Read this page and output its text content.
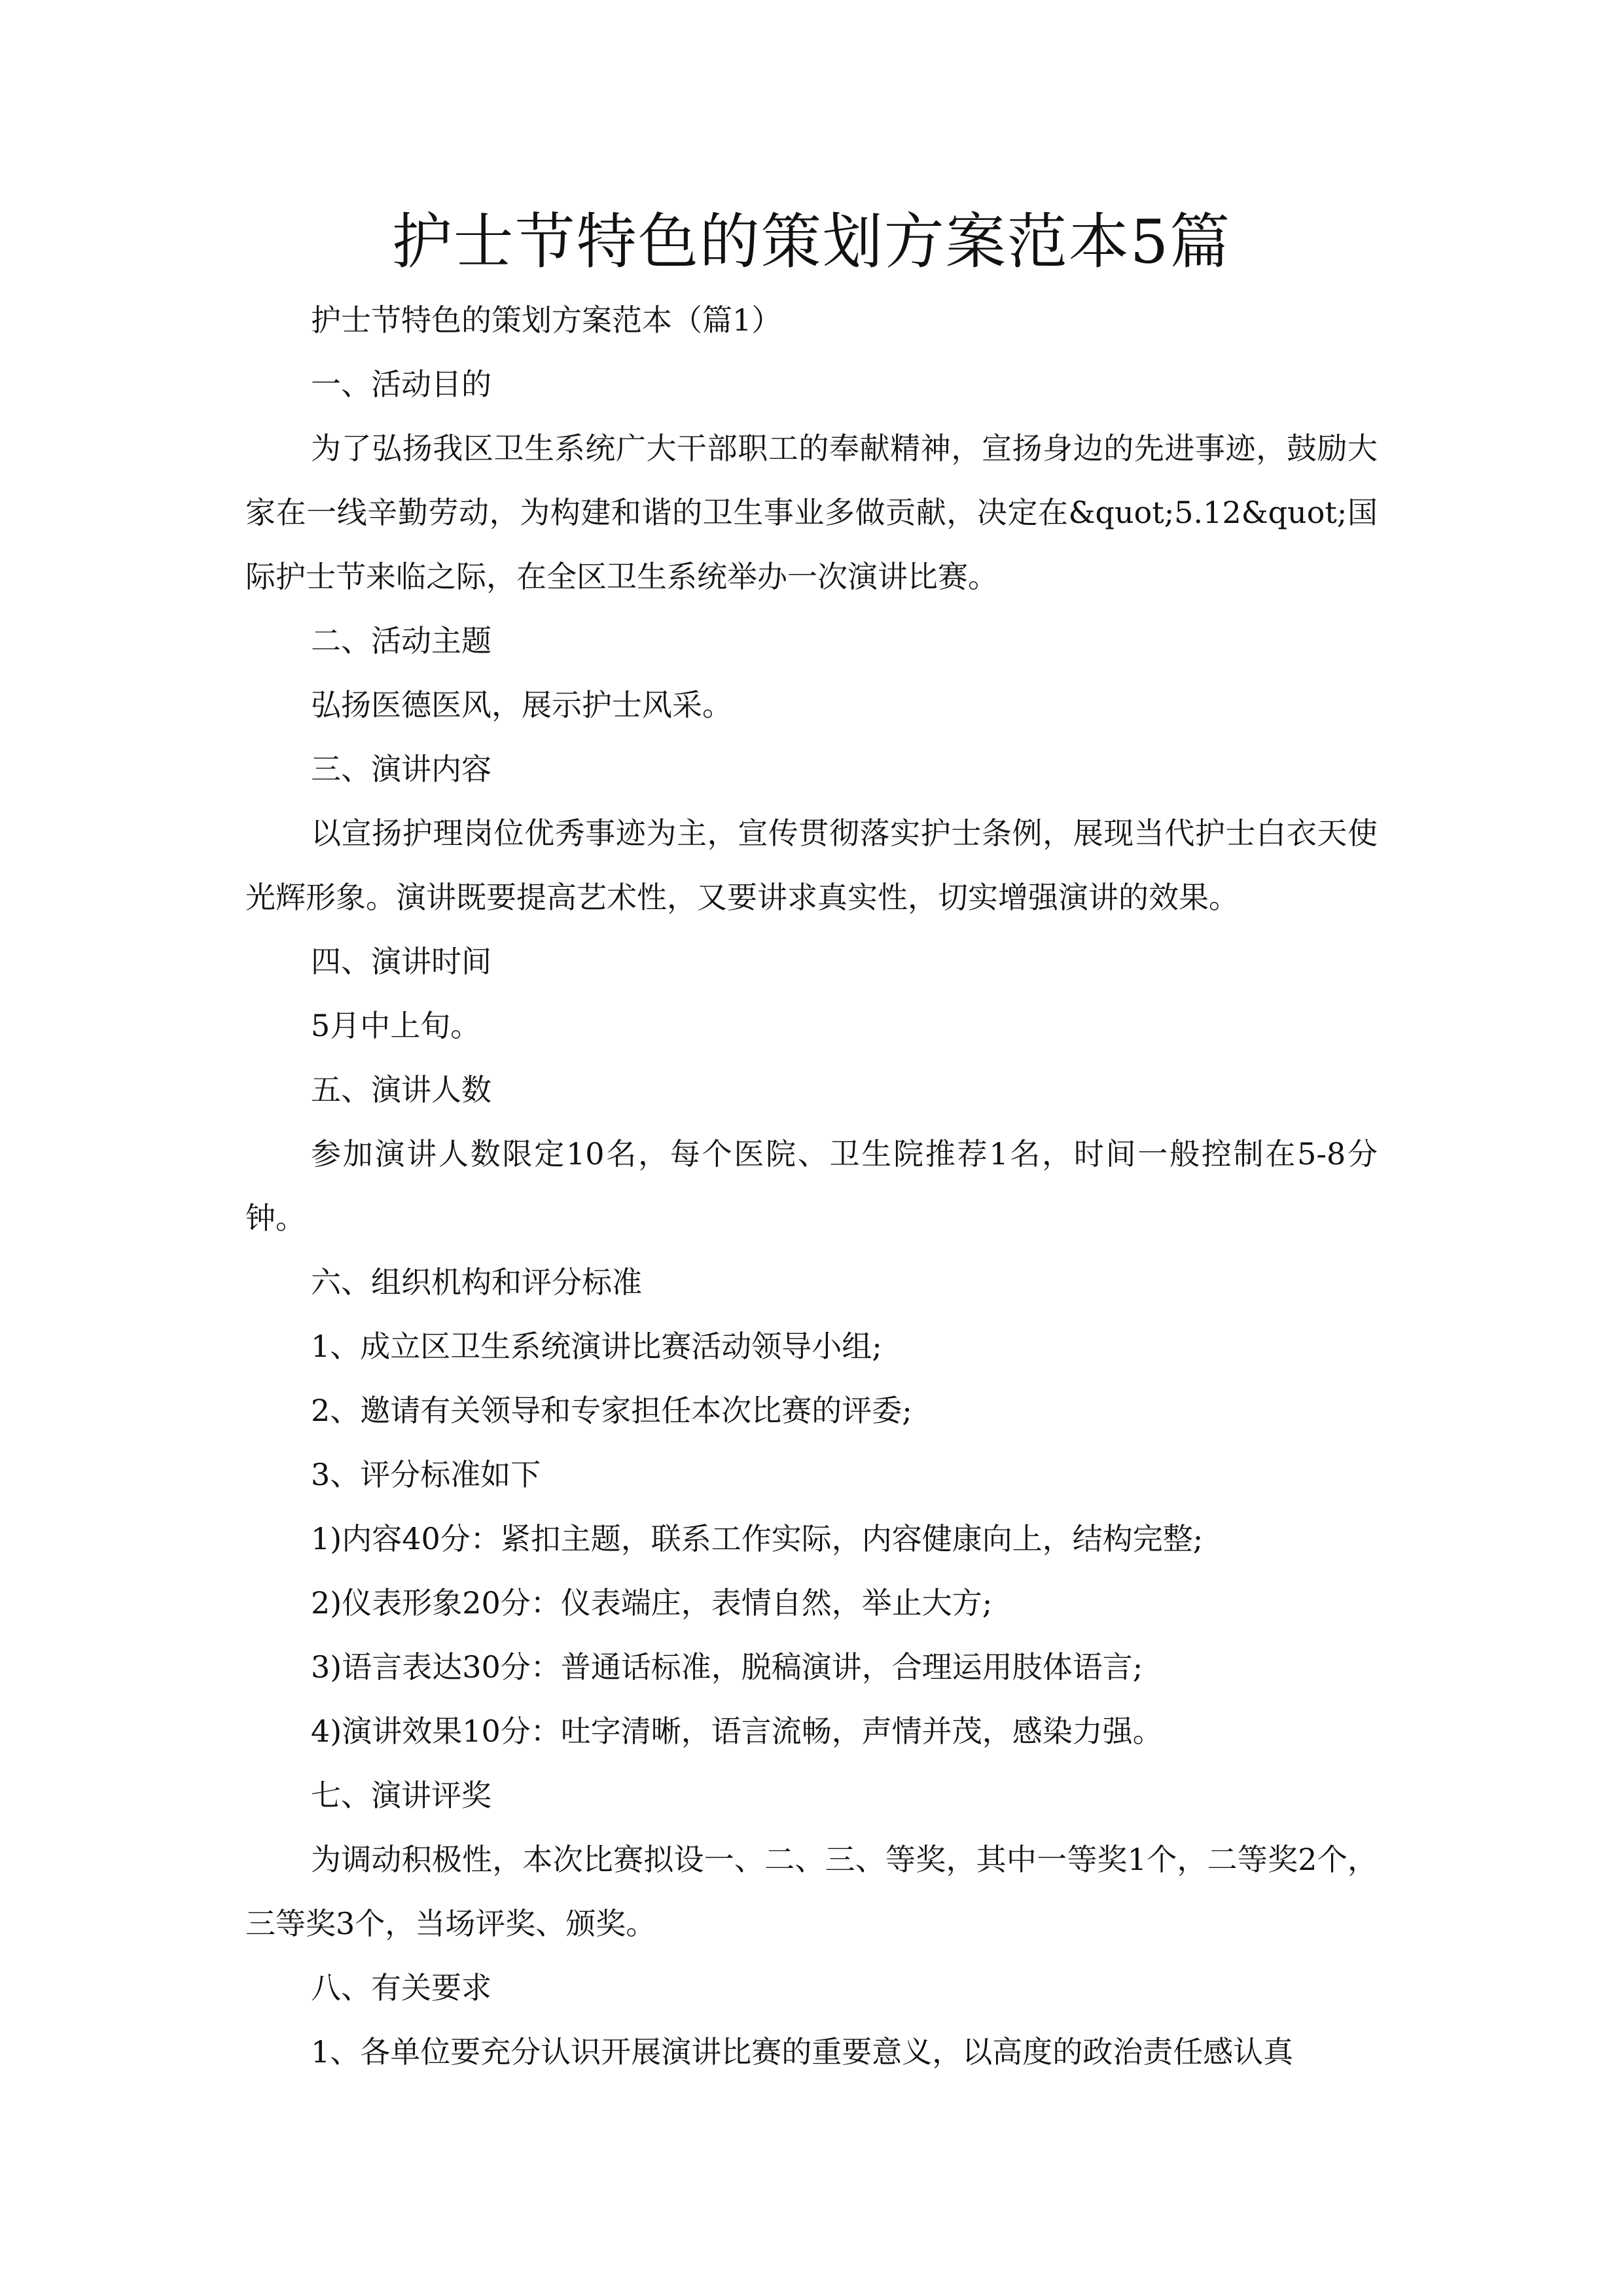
护士节特色的策划方案范本5篇

护士节特色的策划方案范本（篇1）

一、活动目的

为了弘扬我区卫生系统广大干部职工的奉献精神，宣扬身边的先进事迹，鼓励大家在一线辛勤劳动，为构建和谐的卫生事业多做贡献，决定在&quot;5.12&quot;国际护士节来临之际，在全区卫生系统举办一次演讲比赛。

二、活动主题

弘扬医德医风，展示护士风采。

三、演讲内容

以宣扬护理岗位优秀事迹为主，宣传贯彻落实护士条例，展现当代护士白衣天使光辉形象。演讲既要提高艺术性，又要讲求真实性，切实增强演讲的效果。

四、演讲时间

5月中上旬。

五、演讲人数

参加演讲人数限定10名，每个医院、卫生院推荐1名，时间一般控制在5-8分钟。

六、组织机构和评分标准

1、成立区卫生系统演讲比赛活动领导小组;

2、邀请有关领导和专家担任本次比赛的评委;

3、评分标准如下

1)内容40分：紧扣主题，联系工作实际，内容健康向上，结构完整;

2)仪表形象20分：仪表端庄，表情自然，举止大方;

3)语言表达30分：普通话标准，脱稿演讲，合理运用肢体语言;

4)演讲效果10分：吐字清晰，语言流畅，声情并茂，感染力强。

七、演讲评奖

为调动积极性，本次比赛拟设一、二、三、等奖，其中一等奖1个，二等奖2个，三等奖3个，当场评奖、颁奖。

八、有关要求

1、各单位要充分认识开展演讲比赛的重要意义，以高度的政治责任感认真
